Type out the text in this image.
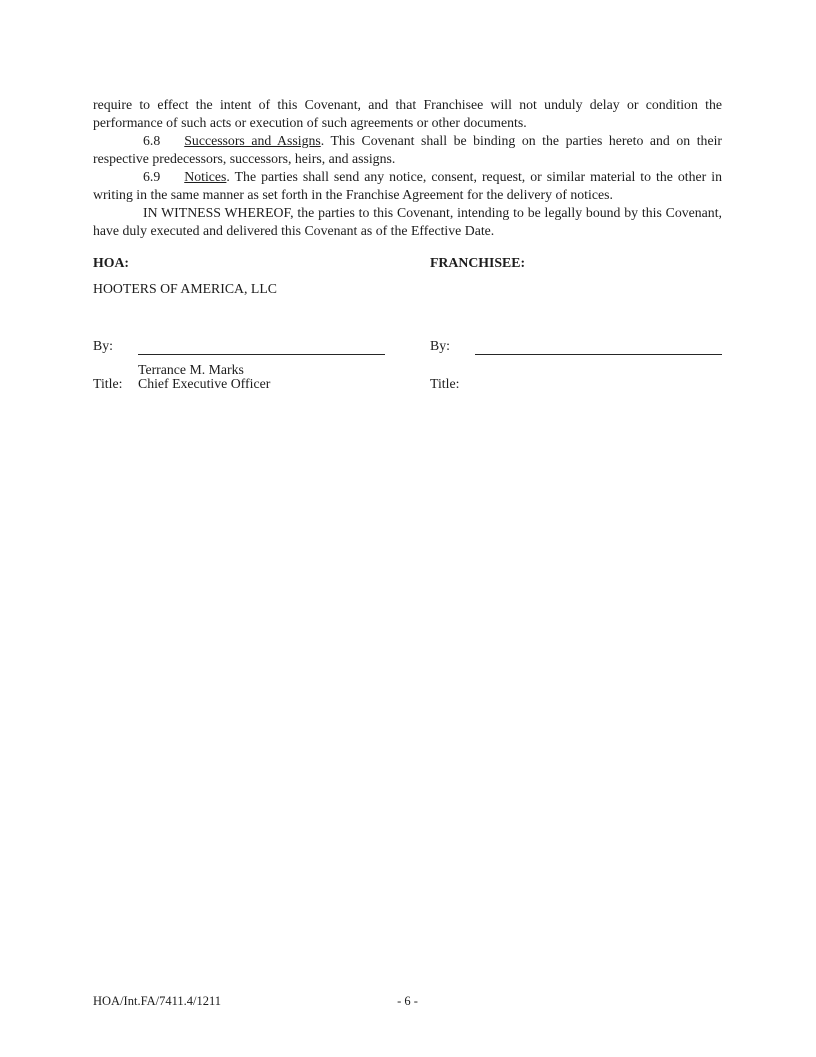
require to effect the intent of this Covenant, and that Franchisee will not unduly delay or condition the performance of such acts or execution of such agreements or other documents.

6.8 Successors and Assigns. This Covenant shall be binding on the parties hereto and on their respective predecessors, successors, heirs, and assigns.

6.9 Notices. The parties shall send any notice, consent, request, or similar material to the other in writing in the same manner as set forth in the Franchise Agreement for the delivery of notices.

IN WITNESS WHEREOF, the parties to this Covenant, intending to be legally bound by this Covenant, have duly executed and delivered this Covenant as of the Effective Date.

HOA:	FRANCHISEE:
HOOTERS OF AMERICA, LLC
By:	By:
Terrance M. Marks
Title:	Chief Executive Officer	Title:
HOA/Int.FA/7411.4/1211	- 6 -
